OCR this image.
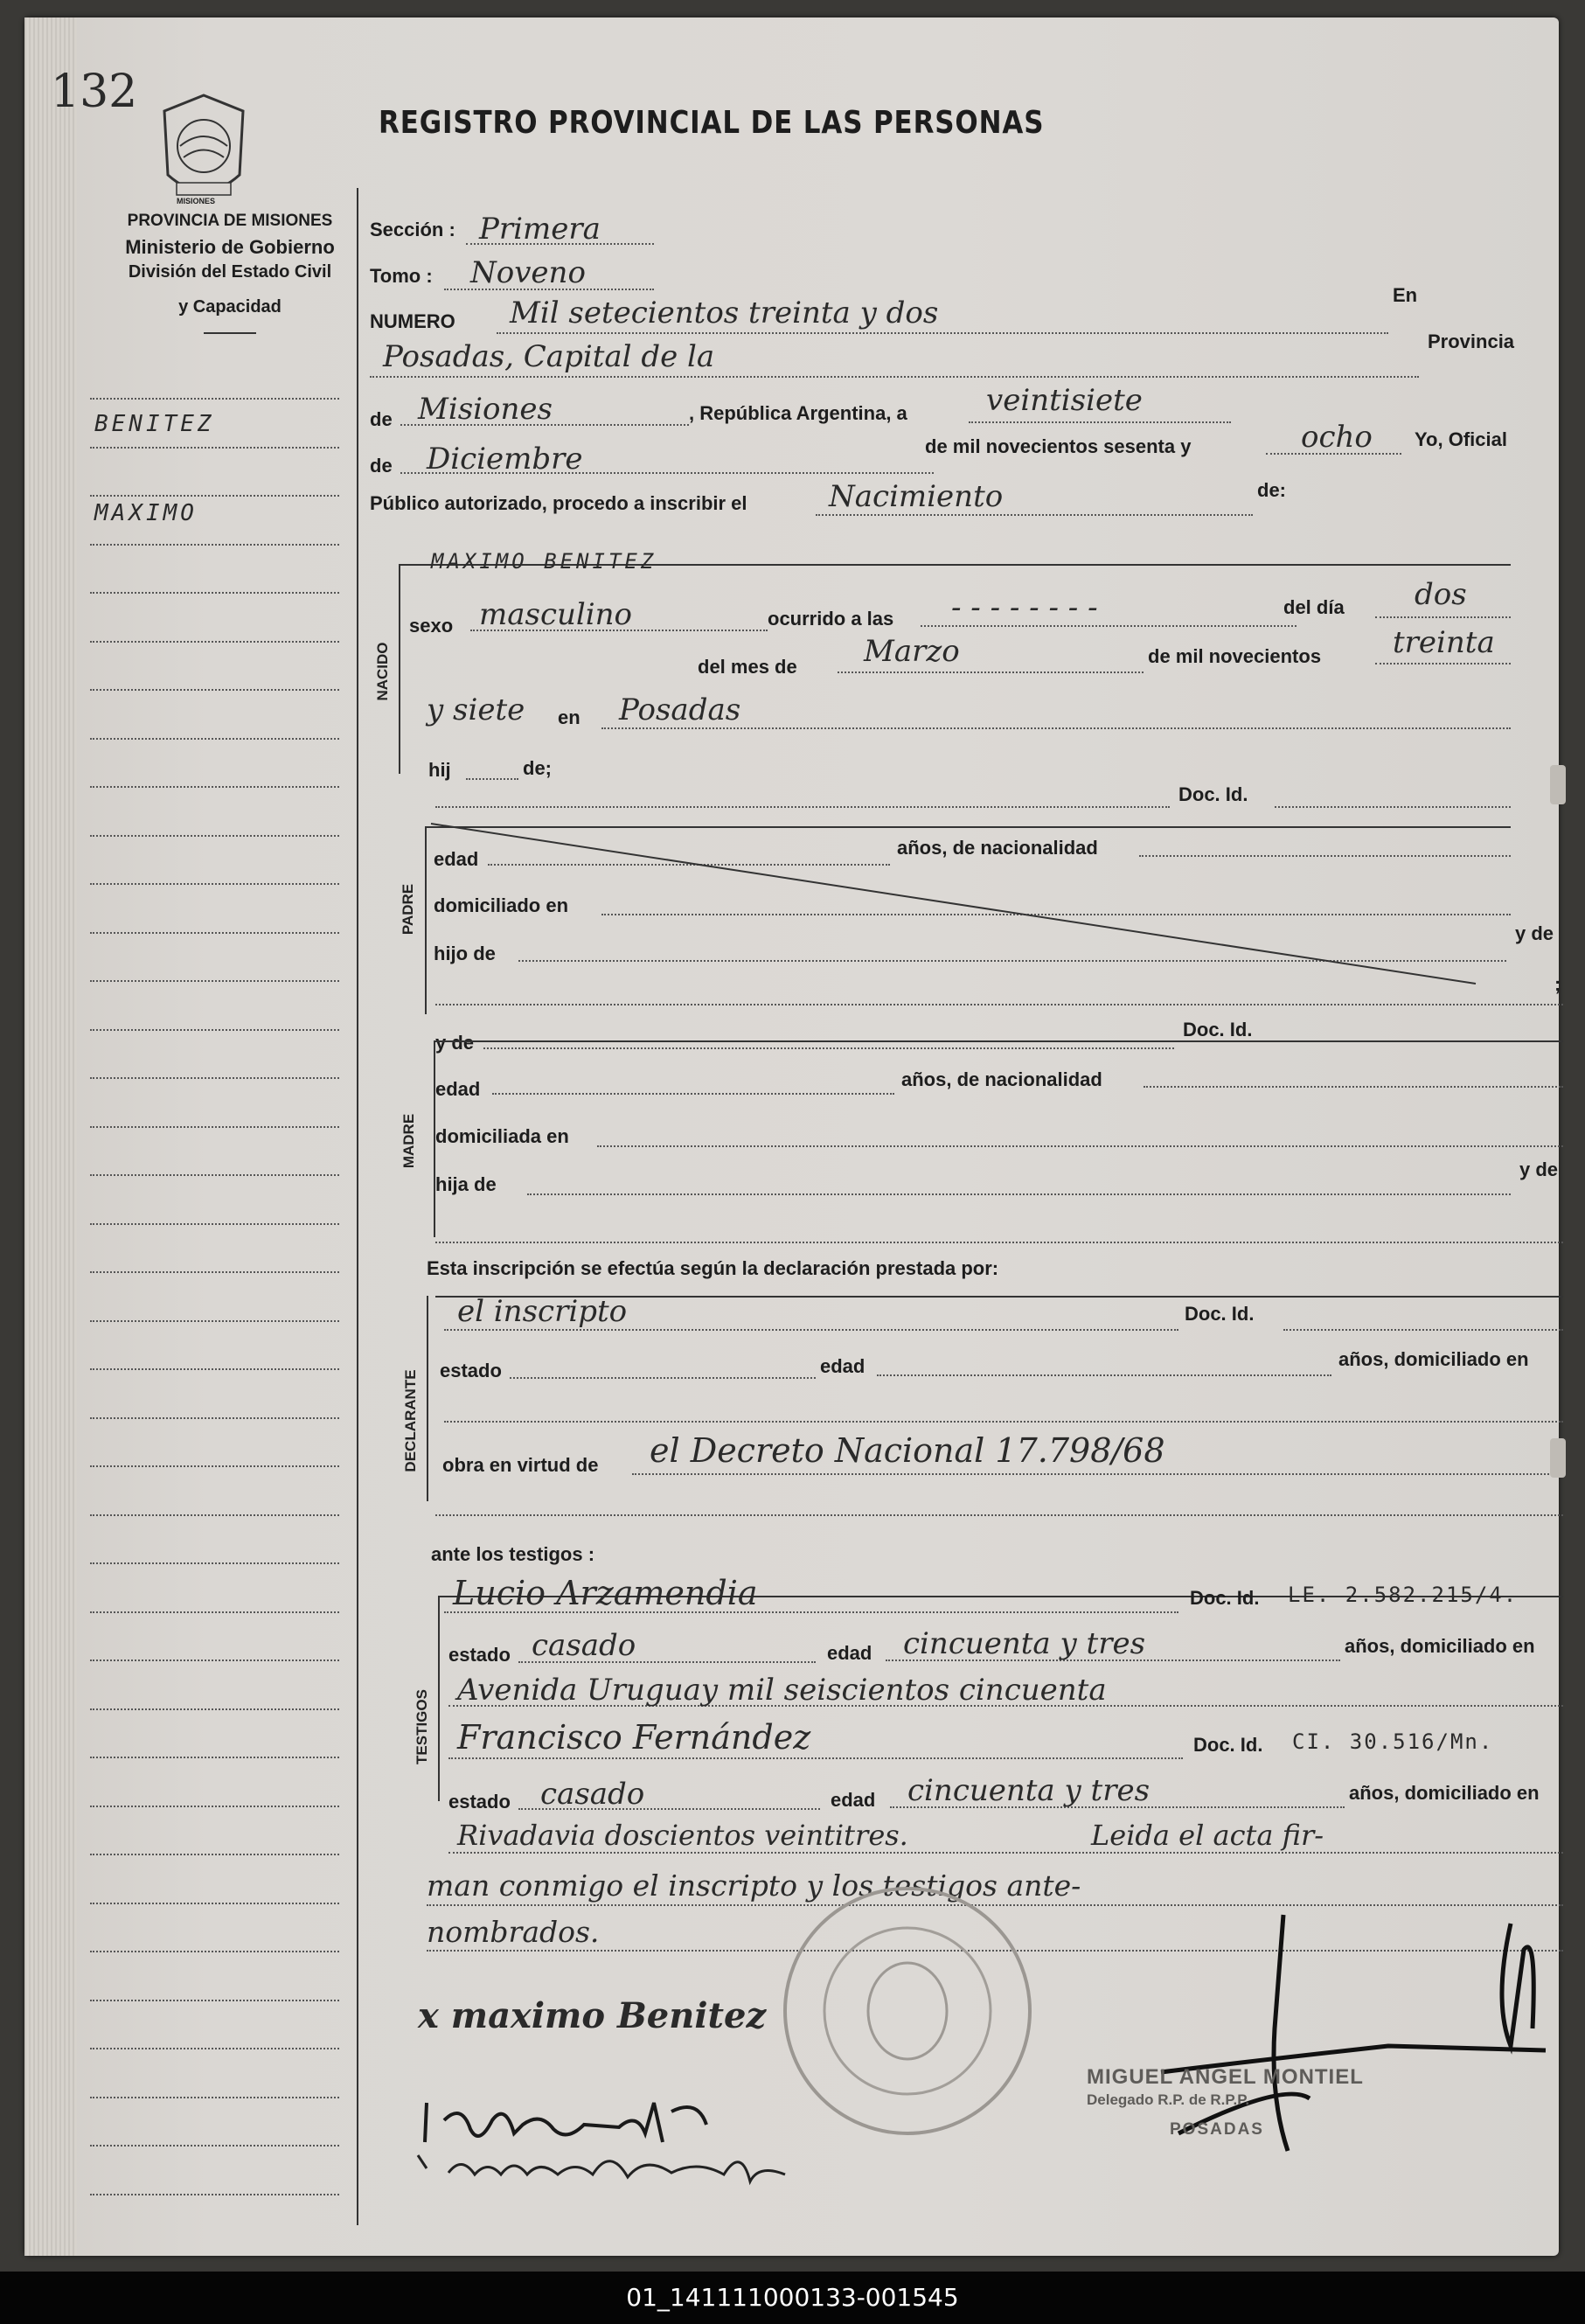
132
MISIONES
REGISTRO PROVINCIAL DE LAS PERSONAS
PROVINCIA DE MISIONES
Ministerio de Gobierno
División del Estado Civil
y Capacidad
BENITEZ
MAXIMO
Sección : Primera
Tomo : Noveno
NUMERO Mil setecientos treinta y dos
En
Posadas, Capital de la	Provincia
de Misiones	, República Argentina, a	veintisiete
de Diciembre	de mil novecientos sesenta y	ocho Yo, Oficial
Público autorizado, procedo a inscribir el	Nacimiento	de:
NACIDO
MAXIMO BENITEZ
sexo masculino	ocurrido a las - - - - - - - -	del día dos
del mes de Marzo	de mil novecientos treinta
y siete en Posadas
hij	de;
Doc. Id.
PADRE
edad
años, de nacionalidad
domiciliado en
hijo de
y de
;
y de
Doc. Id.
MADRE
edad	años, de nacionalidad
domiciliada en
hija de
y de
Esta inscripción se efectúa según la declaración prestada por:
DECLARANTE
el inscripto	Doc. Id.
estado	edad	años, domiciliado en
obra en virtud de el Decreto Nacional 17.798/68
ante los testigos :
TESTIGOS
Lucio Arzamendia	Doc. Id. LE. 2.582.215/4.
estado casado	edad cincuenta y tres	años, domiciliado en
Avenida Uruguay mil seiscientos cincuenta
Francisco Fernández	Doc. Id. CI. 30.516/Mn.
estado casado	edad cincuenta y tres	años, domiciliado en
Rivadavia doscientos veintitres.	Leida el acta fir-
man conmigo el inscripto y los testigos ante-
nombrados.
x maximo Benitez
MIGUEL ANGEL MONTIEL
Delegado R.P. de R.P.P.
POSADAS
01_141111000133-001545
